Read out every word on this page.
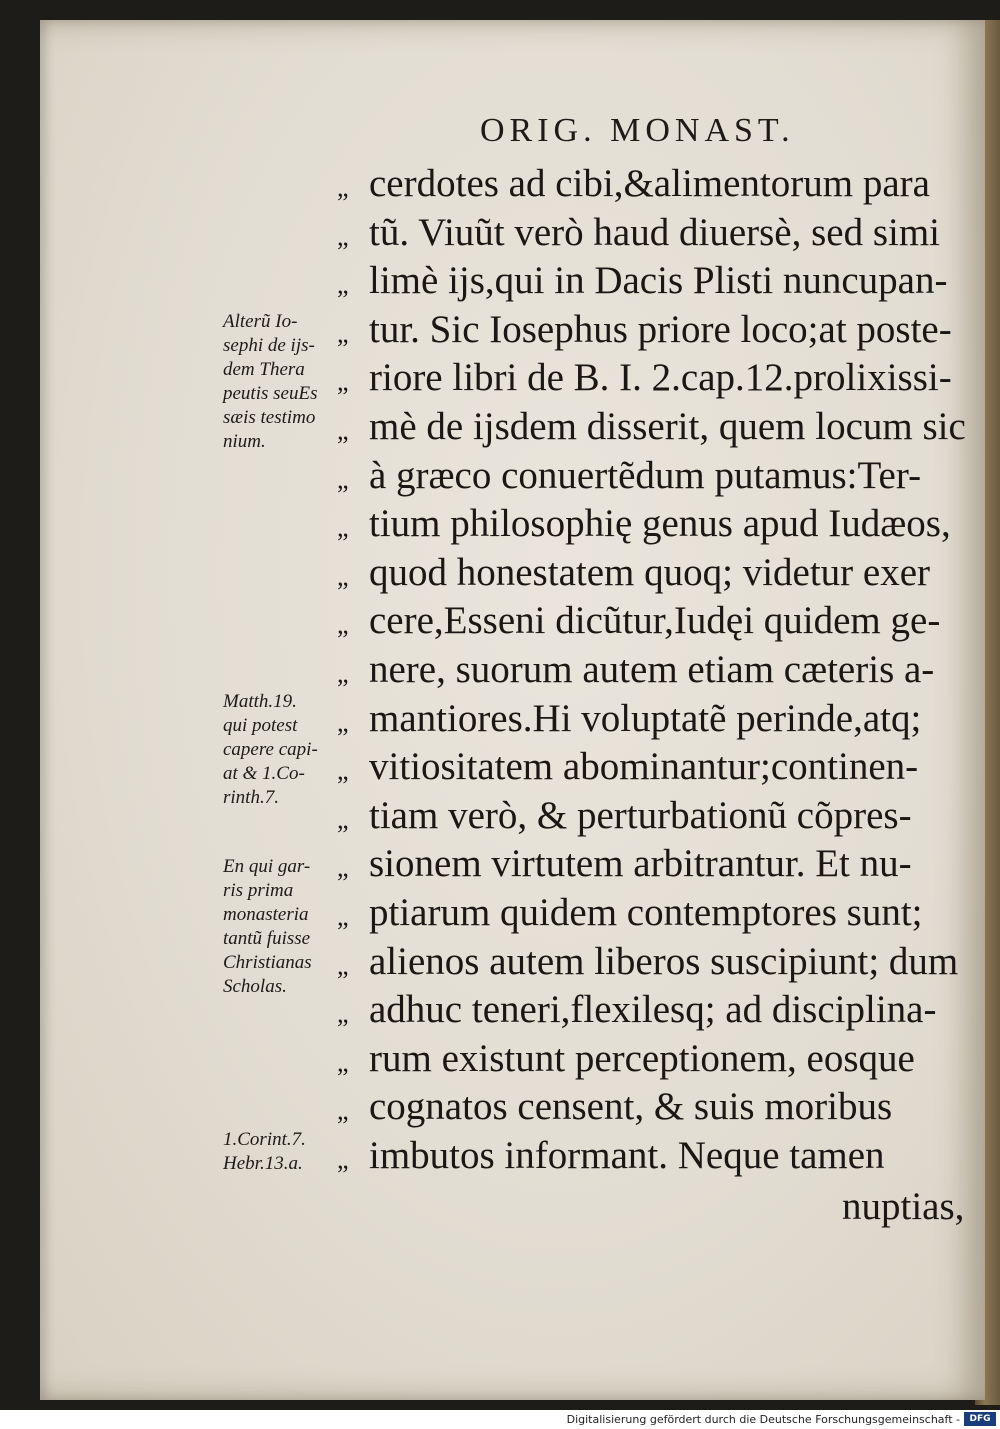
ORIG. MONAST.
„ cerdotes ad cibi,&alimentorum para
„ tũ. Viuũt verò haud diuersè, sed simi
„ limè ijs,qui in Dacis Plisti nuncupan-
„ tur. Sic Iosephus priore loco;at poste-
„ riore libri de B. I. 2.cap.12.prolixissi-
„ mè de ijsdem disserit, quem locum sic
„ à græco conuertẽdum putamus:Ter-
„ tium philosophię genus apud Iudæos,
„ quod honestatem quoq; videtur exer
„ cere,Esseni dicũtur,Iudęi quidem ge-
„ nere, suorum autem etiam cæteris a-
„ mantiores.Hi voluptatẽ perinde,atq;
„ vitiositatem abominantur;continen-
„ tiam verò, & perturbationũ cõpres-
„ sionem virtutem arbitrantur. Et nu-
„ ptiarum quidem contemptores sunt;
„ alienos autem liberos suscipiunt; dum
„ adhuc teneri,flexilesq; ad disciplina-
„ rum existunt perceptionem, eosque
„ cognatos censent, & suis moribus
„ imbutos informant. Neque tamen
nuptias,
Alterũ Io-
sephi de ijs-
dem Thera
peutis seuEs
sæis testimo
nium.
Matth.19.
qui potest
capere capi-
at & 1.Co-
rinth.7.
En qui gar-
ris prima
monasteria
tantũ fuisse
Christianas
Scholas.
1.Corint.7.
Hebr.13.a.
Digitalisierung gefördert durch die Deutsche Forschungsgemeinschaft -	DFG
